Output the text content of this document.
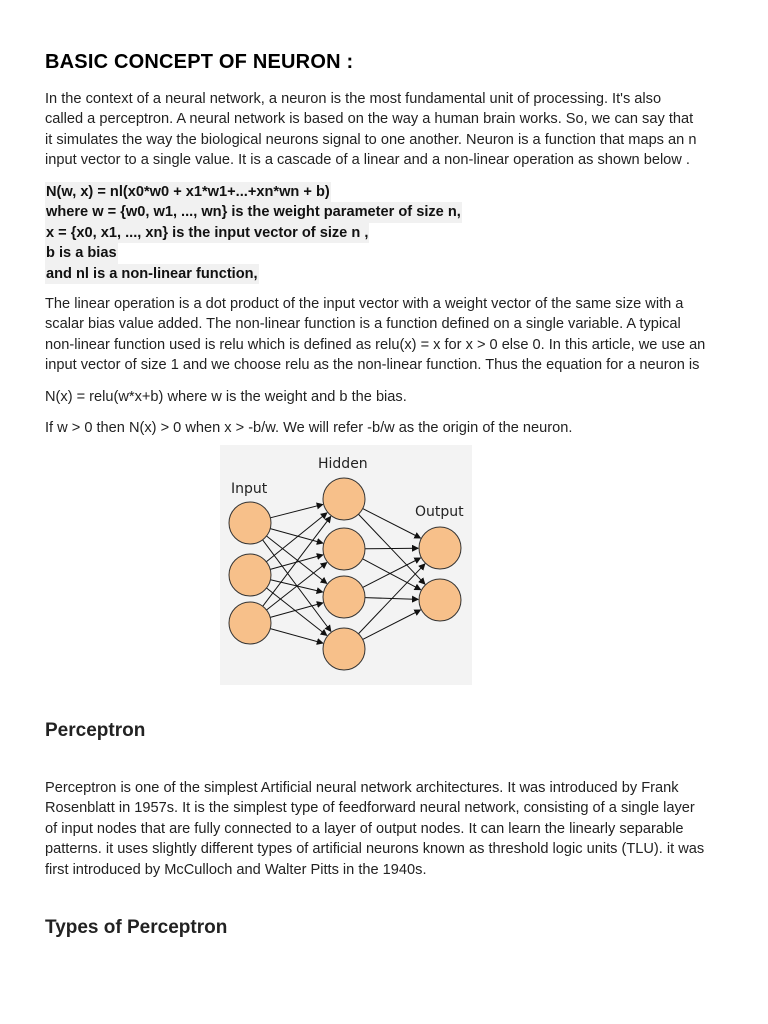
BASIC CONCEPT OF NEURON :
In the context of a neural network, a neuron is the most fundamental unit of processing. It's also
called a perceptron. A neural network is based on the way a human brain works. So, we can say that
it simulates the way the biological neurons signal to one another. Neuron is a function that maps an n
input vector to a single value. It is a cascade of a linear and a non-linear operation as shown below .
N(w, x) = nl(x0*w0 + x1*w1+...+xn*wn + b)
where w = {w0, w1, ..., wn} is the weight parameter of size n,
x = {x0, x1, ..., xn} is the input vector of size n ,
b is a bias
and nl is a non-linear function,
The linear operation is a dot product of the input vector with a weight vector of the same size with a
scalar bias value added. The non-linear function is a function defined on a single variable. A typical
non-linear function used is relu which is defined as relu(x) = x for x > 0 else 0. In this article, we use an
input vector of size 1 and we choose relu as the non-linear function. Thus the equation for a neuron is
N(x) = relu(w*x+b) where w is the weight and b the bias.
If w > 0 then N(x) > 0 when x > -b/w. We will refer -b/w as the origin of the neuron.
Perceptron
Perceptron is one of the simplest Artificial neural network architectures. It was introduced by Frank
Rosenblatt in 1957s. It is the simplest type of feedforward neural network, consisting of a single layer
of input nodes that are fully connected to a layer of output nodes. It can learn the linearly separable
patterns. it uses slightly different types of artificial neurons known as threshold logic units (TLU). it was
first introduced by McCulloch and Walter Pitts in the 1940s.
Types of Perceptron
Input
Hidden
Output
